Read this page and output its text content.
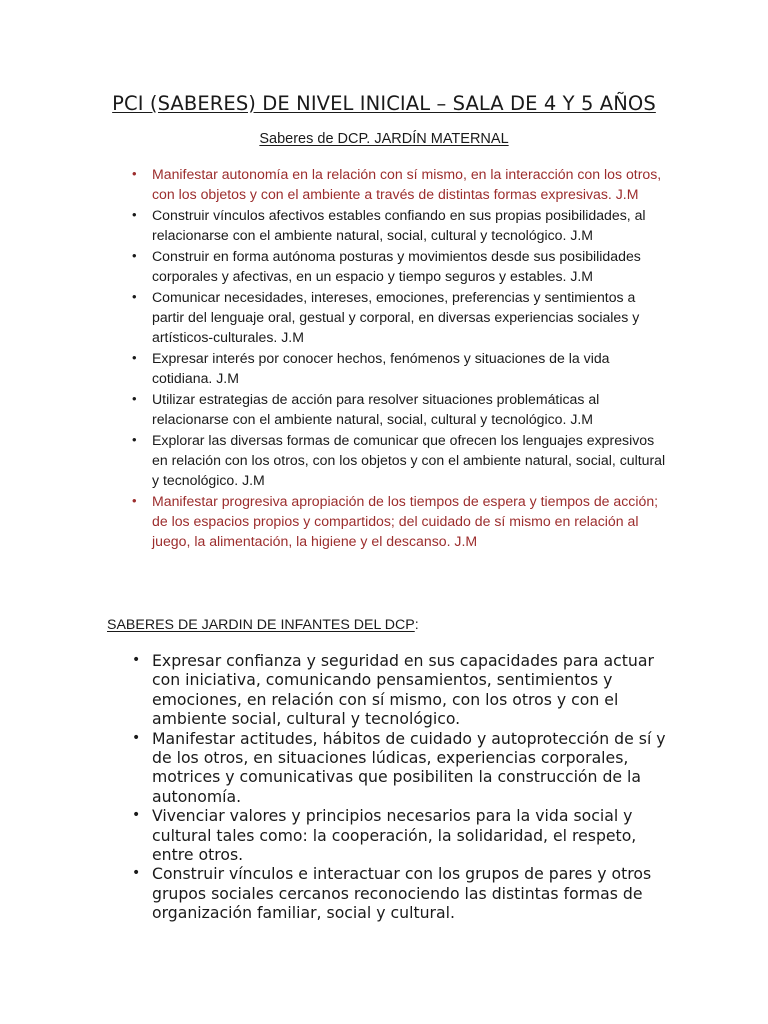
PCI (SABERES) DE NIVEL INICIAL – SALA DE 4 Y 5 AÑOS
Saberes de DCP. JARDÍN MATERNAL
• Manifestar autonomía en la relación con sí mismo, en la interacción con los otros, con los objetos y con el ambiente a través de distintas formas expresivas. J.M
• Construir vínculos afectivos estables confiando en sus propias posibilidades, al relacionarse con el ambiente natural, social, cultural y tecnológico. J.M
• Construir en forma autónoma posturas y movimientos desde sus posibilidades corporales y afectivas, en un espacio y tiempo seguros y estables. J.M
• Comunicar necesidades, intereses, emociones, preferencias y sentimientos a partir del lenguaje oral, gestual y corporal, en diversas experiencias sociales y artísticos-culturales. J.M
• Expresar interés por conocer hechos, fenómenos y situaciones de la vida cotidiana. J.M
• Utilizar estrategias de acción para resolver situaciones problemáticas al relacionarse con el ambiente natural, social, cultural y tecnológico. J.M
• Explorar las diversas formas de comunicar que ofrecen los lenguajes expresivos en relación con los otros, con los objetos y con el ambiente natural, social, cultural y tecnológico. J.M
• Manifestar progresiva apropiación de los tiempos de espera y tiempos de acción; de los espacios propios y compartidos; del cuidado de sí mismo en relación al juego, la alimentación, la higiene y el descanso. J.M
SABERES DE JARDIN DE INFANTES DEL DCP:
• Expresar confianza y seguridad en sus capacidades para actuar con iniciativa, comunicando pensamientos, sentimientos y emociones, en relación con sí mismo, con los otros y con el ambiente social, cultural y tecnológico.
• Manifestar actitudes, hábitos de cuidado y autoprotección de sí y de los otros, en situaciones lúdicas, experiencias corporales, motrices y comunicativas que posibiliten la construcción de la autonomía.
• Vivenciar valores y principios necesarios para la vida social y cultural tales como: la cooperación, la solidaridad, el respeto, entre otros.
• Construir vínculos e interactuar con los grupos de pares y otros grupos sociales cercanos reconociendo las distintas formas de organización familiar, social y cultural.
